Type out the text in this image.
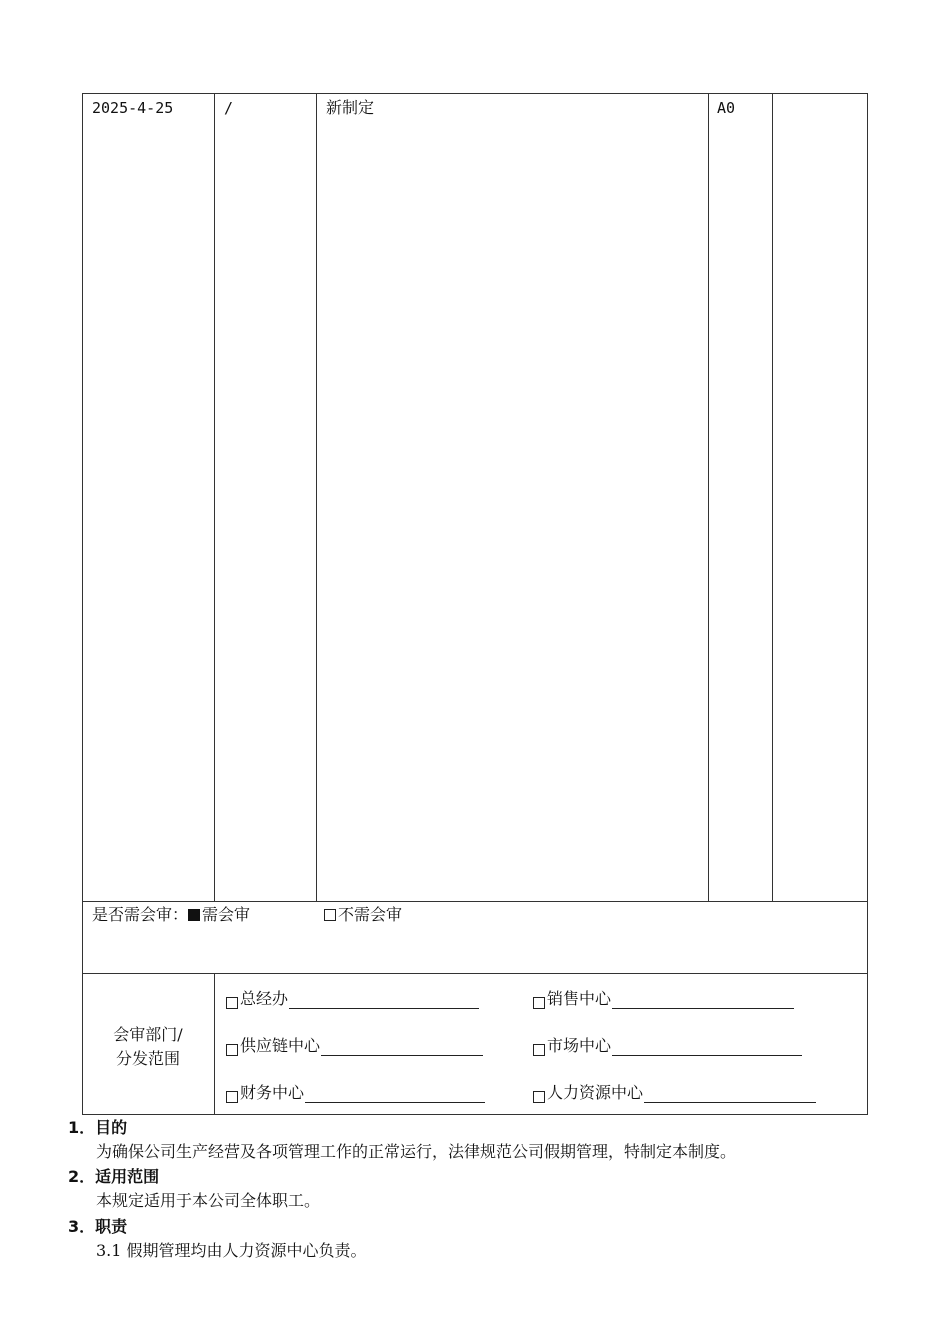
2025-4-25	/	新制定	A0
是否需会审： 需会审	不需会审
会审部门/
分发范围
总经办	销售中心
供应链中心	市场中心
财务中心	人力资源中心
1．目的
为确保公司生产经营及各项管理工作的正常运行，法律规范公司假期管理，特制定本制度。
2．适用范围
本规定适用于本公司全体职工。
3．职责
3.1 假期管理均由人力资源中心负责。
